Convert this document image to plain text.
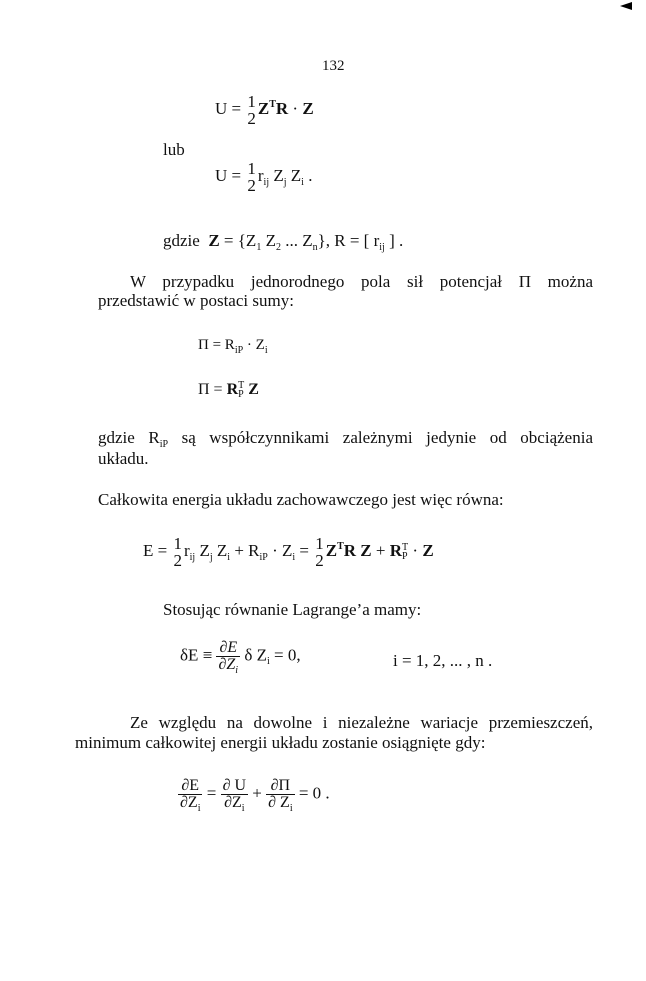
132
U = 1
2
$Z^TR \cdot Z$
lub
U = 1
2
$r_{ij}$ $Z_j$ $Z_i$ .
gdzie $Z = \{Z_1$ $Z_2$ ... $Z_n$}, R = [ $r_{ij}$ ] .
W przypadku jednorodnego pola sił potencjał Π można
przedstawić w postaci sumy:
$\Pi = R_{iP} \cdot Z_i$
Π = R T
P Z
gdzie $R_{iP}$ są współczynnikami zależnymi jedynie od obciążenia
układu.
Całkowita energia układu zachowawczego jest więc równa:
E = 1
2
$r_{ij}$ $Z_j$ $Z_i + R_{iP} \cdot Z_i = 1$
2
$Z^TR$ Z + R T
P · Z
Stosując równanie Lagrange’a mamy:
$\delta E \equiv \frac{\partial E}{\partial Z_i}$ δ $Z_i = 0$,	i = 1, 2, ... , n .
Ze względu na dowolne i niezależne wariacje przemieszczeń,
minimum całkowitej energii układu zostanie osiągnięte gdy:
$\frac{\partial E}{\partial Z_i} = \frac{\partial U}{\partial Z_i} + \frac{\partial\Pi}{\partial Z_i} = 0$ .
